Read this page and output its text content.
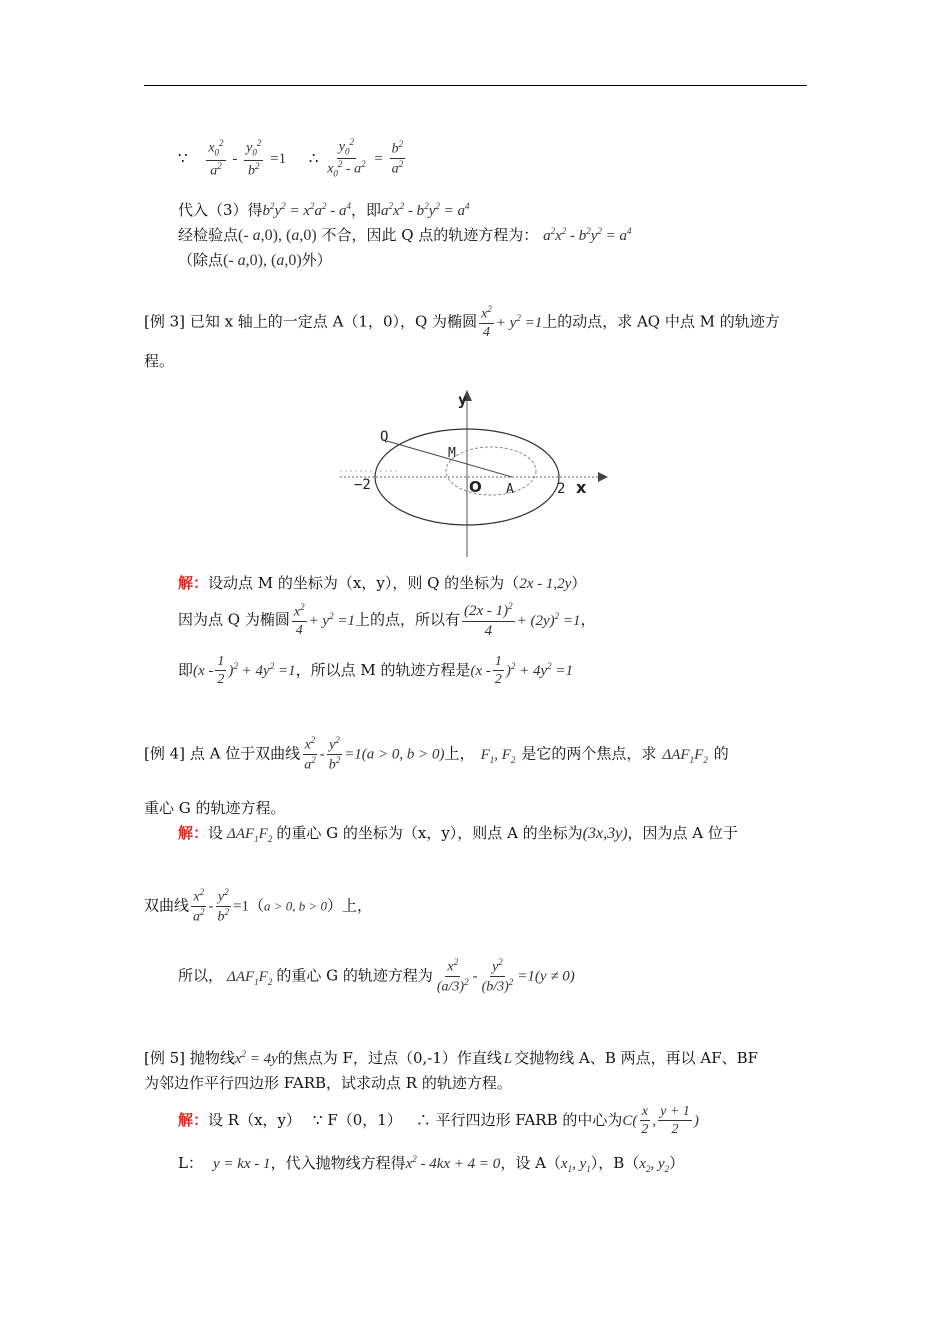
∵ $\frac{x_0^2}{a^2} - \frac{y_0^2}{b^2} =1$ ∴ $\frac{y_0^2}{x_0^2 - a^2} = \frac{b^2}{a^2}$
代入（3）得$b^2y^2 = x^2a^2 - a^4$，即$a^2x^2 - b^2y^2 = a^4$
经检验点(- a,0), (a,0) 不合，因此 Q 点的轨迹方程为： $a^2x^2 - b^2y^2 = a^4$
（除点(- a,0), (a,0)外）
[例 3] 已知 x 轴上的一定点 A（1，0），Q 为椭圆 $\frac{x^2}{4} + y^2 =1$上的动点，求 AQ 中点 M 的轨迹方
程。
y
x
Q
M
O A
−2	2
解：设动点 M 的坐标为（x，y），则 Q 的坐标为（2x - 1,2y）
因为点 Q 为椭圆 $\frac{x^2}{4} + y^2 =1$上的点，所以有 $\frac{(2x - 1)^2}{4} + (2y)^2 =1$，
即$(x - \frac{1}{2} )^2 + 4y^2 =1$，所以点 M 的轨迹方程是$(x - \frac{1}{2} )^2 + 4y^2 =1$
[例 4] 点 A 位于双曲线 $\frac{x^2}{a^2} - \frac{y^2}{b^2} =1(a > 0$, b > 0)上， $F_1$, $F_2$ 是它的两个焦点，求 $\Delta AF_1F_2$ 的
重心 G 的轨迹方程。
解：设 $\Delta AF_1F_2$ 的重心 G 的坐标为（x，y），则点 A 的坐标为(3x,3y)，因为点 A 位于
双曲线 $\frac{x^2}{a^2} - \frac{y^2}{b^2} =1(a > 0$, b > 0）上，
所以， $\Delta AF_1F_2$ 的重心 G 的轨迹方程为 $\frac{x^2}{(a/3)^2} - \frac{y^2}{(b/3)^2} =1(y \ne 0)$
[例 5] 抛物线$x^2 = 4y$的焦点为 F，过点（0,-1）作直线 L 交抛物线 A、B 两点，再以 AF、BF
为邻边作平行四边形 FARB，试求动点 R 的轨迹方程。
解：设 R（x，y） ∵ F（0，1） ∴ 平行四边形 FARB 的中心为$C( \frac{x}{2}$ , $\frac{y + 1}{2}$ )
L： y = kx - 1，代入抛物线方程得$x^2 - 4kx + 4 = 0$，设 $A(x_1$, $y_1$），$B(x_2$, $y_2$）
